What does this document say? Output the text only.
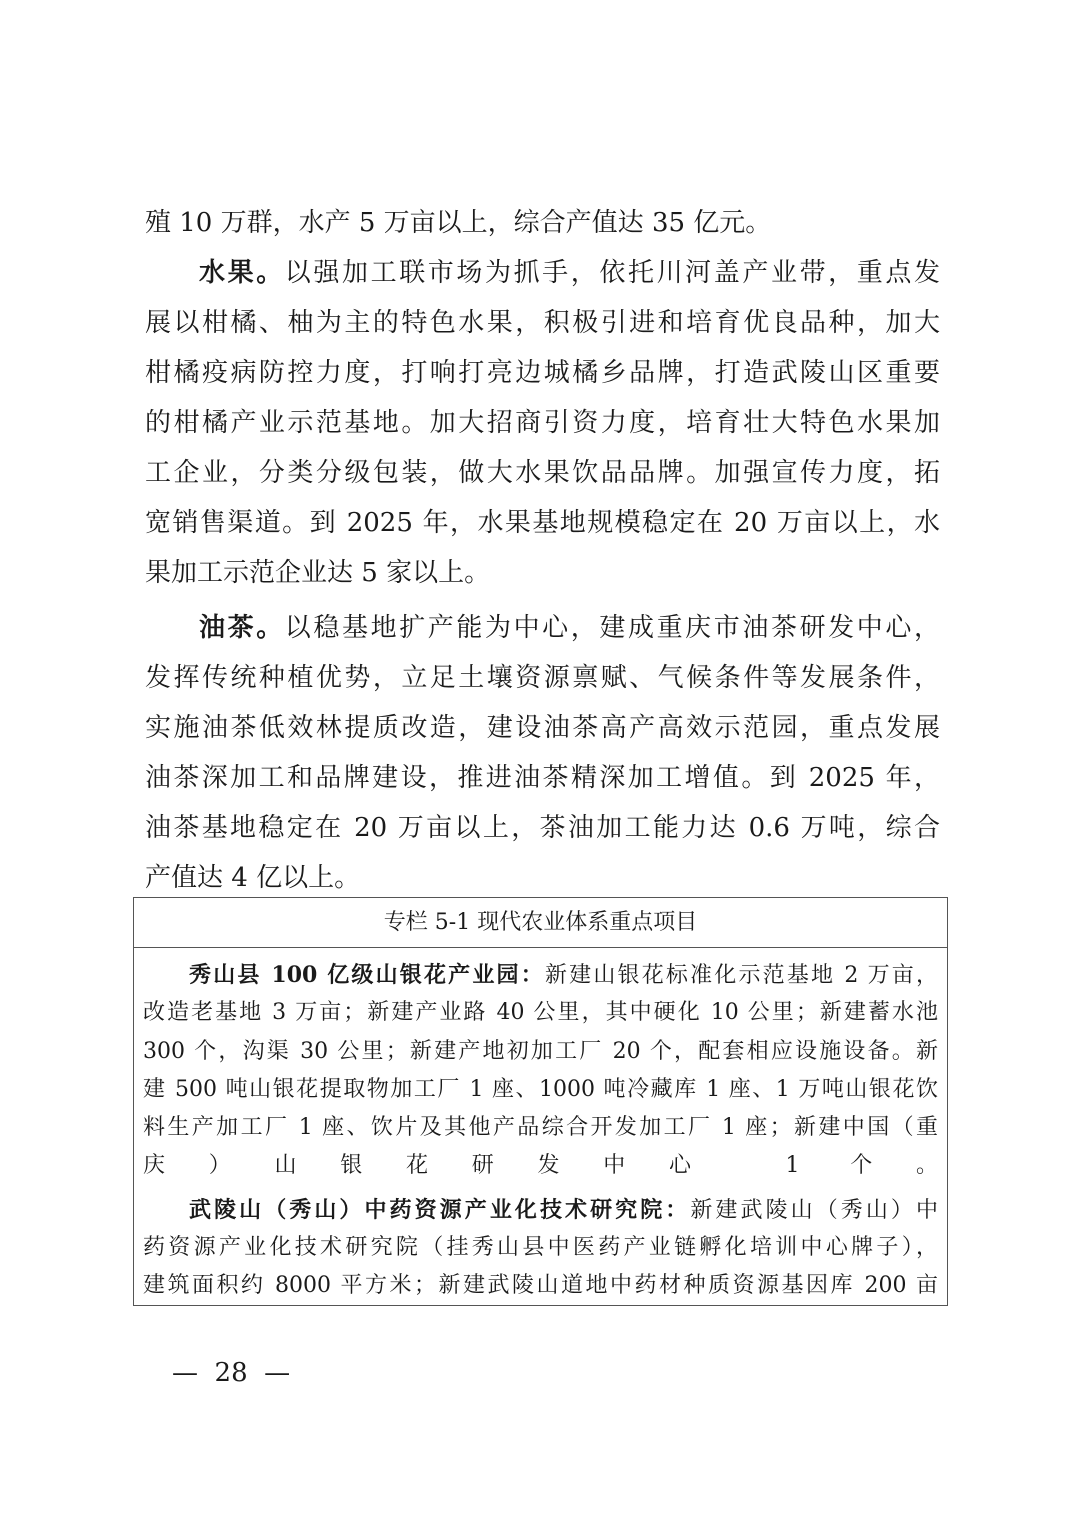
殖 10 万群，水产 5 万亩以上，综合产值达 35 亿元。
水果。以强加工联市场为抓手，依托川河盖产业带，重点发
展以柑橘、柚为主的特色水果，积极引进和培育优良品种，加大
柑橘疫病防控力度，打响打亮边城橘乡品牌，打造武陵山区重要
的柑橘产业示范基地。加大招商引资力度，培育壮大特色水果加
工企业，分类分级包装，做大水果饮品品牌。加强宣传力度，拓
宽销售渠道。到 2025 年，水果基地规模稳定在 20 万亩以上，水
果加工示范企业达 5 家以上。
油茶。以稳基地扩产能为中心，建成重庆市油茶研发中心，
发挥传统种植优势，立足土壤资源禀赋、气候条件等发展条件，
实施油茶低效林提质改造，建设油茶高产高效示范园，重点发展
油茶深加工和品牌建设，推进油茶精深加工增值。到 2025 年，
油茶基地稳定在 20 万亩以上，茶油加工能力达 0.6 万吨，综合
产值达 4 亿以上。
专栏 5-1 现代农业体系重点项目
秀山县 100 亿级山银花产业园：新建山银花标准化示范基地 2 万亩，
改造老基地 3 万亩；新建产业路 40 公里，其中硬化 10 公里；新建蓄水池
300 个，沟渠 30 公里；新建产地初加工厂 20 个，配套相应设施设备。新
建 500 吨山银花提取物加工厂 1 座、1000 吨冷藏库 1 座、1 万吨山银花饮
料生产加工厂 1 座、饮片及其他产品综合开发加工厂 1 座；新建中国（重
庆）山银花研发中心 1 个。
武陵山（秀山）中药资源产业化技术研究院：新建武陵山（秀山）中
药资源产业化技术研究院（挂秀山县中医药产业链孵化培训中心牌子），
建筑面积约 8000 平方米；新建武陵山道地中药材种质资源基因库 200 亩
—  28  —
